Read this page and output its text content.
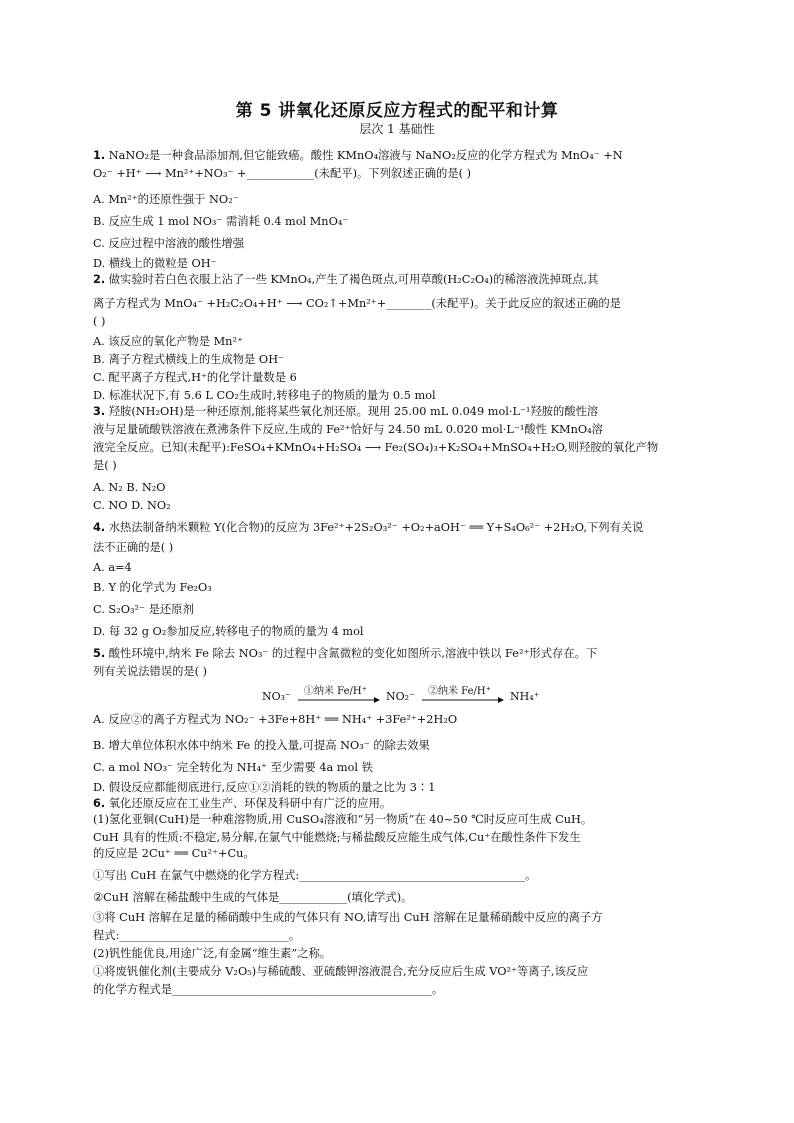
第 5 讲氧化还原反应方程式的配平和计算
层次 1 基础性
1. NaNO₂是一种食品添加剂,但它能致癌。酸性 KMnO₄溶液与 NaNO₂反应的化学方程式为 MnO₄⁻ +N
O₂⁻ +H⁺ ⟶ Mn²⁺+NO₃⁻ +____________(未配平)。下列叙述正确的是( )
A. Mn²⁺的还原性强于 NO₂⁻
B. 反应生成 1 mol NO₃⁻ 需消耗 0.4 mol MnO₄⁻
C. 反应过程中溶液的酸性增强
D. 横线上的微粒是 OH⁻
2. 做实验时若白色衣服上沾了一些 KMnO₄,产生了褐色斑点,可用草酸(H₂C₂O₄)的稀溶液洗掉斑点,其
离子方程式为 MnO₄⁻ +H₂C₂O₄+H⁺ ⟶ CO₂↑+Mn²⁺+________(未配平)。关于此反应的叙述正确的是
( )
A. 该反应的氧化产物是 Mn²⁺
B. 离子方程式横线上的生成物是 OH⁻
C. 配平离子方程式,H⁺的化学计量数是 6
D. 标准状况下,有 5.6 L CO₂生成时,转移电子的物质的量为 0.5 mol
3. 羟胺(NH₂OH)是一种还原剂,能将某些氧化剂还原。现用 25.00 mL 0.049 mol·L⁻¹羟胺的酸性溶
液与足量硫酸铁溶液在煮沸条件下反应,生成的 Fe²⁺恰好与 24.50 mL 0.020 mol·L⁻¹酸性 KMnO₄溶
液完全反应。已知(未配平):FeSO₄+KMnO₄+H₂SO₄ ⟶ Fe₂(SO₄)₃+K₂SO₄+MnSO₄+H₂O,则羟胺的氧化产物
是( )
A. N₂ B. N₂O
C. NO D. NO₂
4. 水热法制备纳米颗粒 Y(化合物)的反应为 3Fe²⁺+2S₂O₃²⁻ +O₂+aOH⁻ ══ Y+S₄O₆²⁻ +2H₂O,下列有关说
法不正确的是( )
A. a=4
B. Y 的化学式为 Fe₂O₃
C. S₂O₃²⁻ 是还原剂
D. 每 32 g O₂参加反应,转移电子的物质的量为 4 mol
5. 酸性环境中,纳米 Fe 除去 NO₃⁻ 的过程中含氮微粒的变化如图所示,溶液中铁以 Fe²⁺形式存在。下
列有关说法错误的是( )
A. 反应②的离子方程式为 NO₂⁻ +3Fe+8H⁺ ══ NH₄⁺ +3Fe²⁺+2H₂O
B. 增大单位体积水体中纳米 Fe 的投入量,可提高 NO₃⁻ 的除去效果
C. a mol NO₃⁻ 完全转化为 NH₄⁺ 至少需要 4a mol 铁
D. 假设反应都能彻底进行,反应①②消耗的铁的物质的量之比为 3∶1
6. 氧化还原反应在工业生产、环保及科研中有广泛的应用。
(1)氢化亚铜(CuH)是一种难溶物质,用 CuSO₄溶液和“另一物质”在 40~50 ℃时反应可生成 CuH。
CuH 具有的性质:不稳定,易分解,在氯气中能燃烧;与稀盐酸反应能生成气体,Cu⁺在酸性条件下发生
的反应是 2Cu⁺ ══ Cu²⁺+Cu。
①写出 CuH 在氯气中燃烧的化学方程式:________________________________________。
②CuH 溶解在稀盐酸中生成的气体是____________(填化学式)。
③将 CuH 溶解在足量的稀硝酸中生成的气体只有 NO,请写出 CuH 溶解在足量稀硝酸中反应的离子方
程式:______________________________。
(2)钒性能优良,用途广泛,有金属“维生素”之称。
①将废钒催化剂(主要成分 V₂O₅)与稀硫酸、亚硫酸钾溶液混合,充分反应后生成 VO²⁺等离子,该反应
的化学方程式是______________________________________________。
NO₃⁻ ①纳米 Fe/H⁺ NO₂⁻ ②纳米 Fe/H⁺ NH₄⁺
